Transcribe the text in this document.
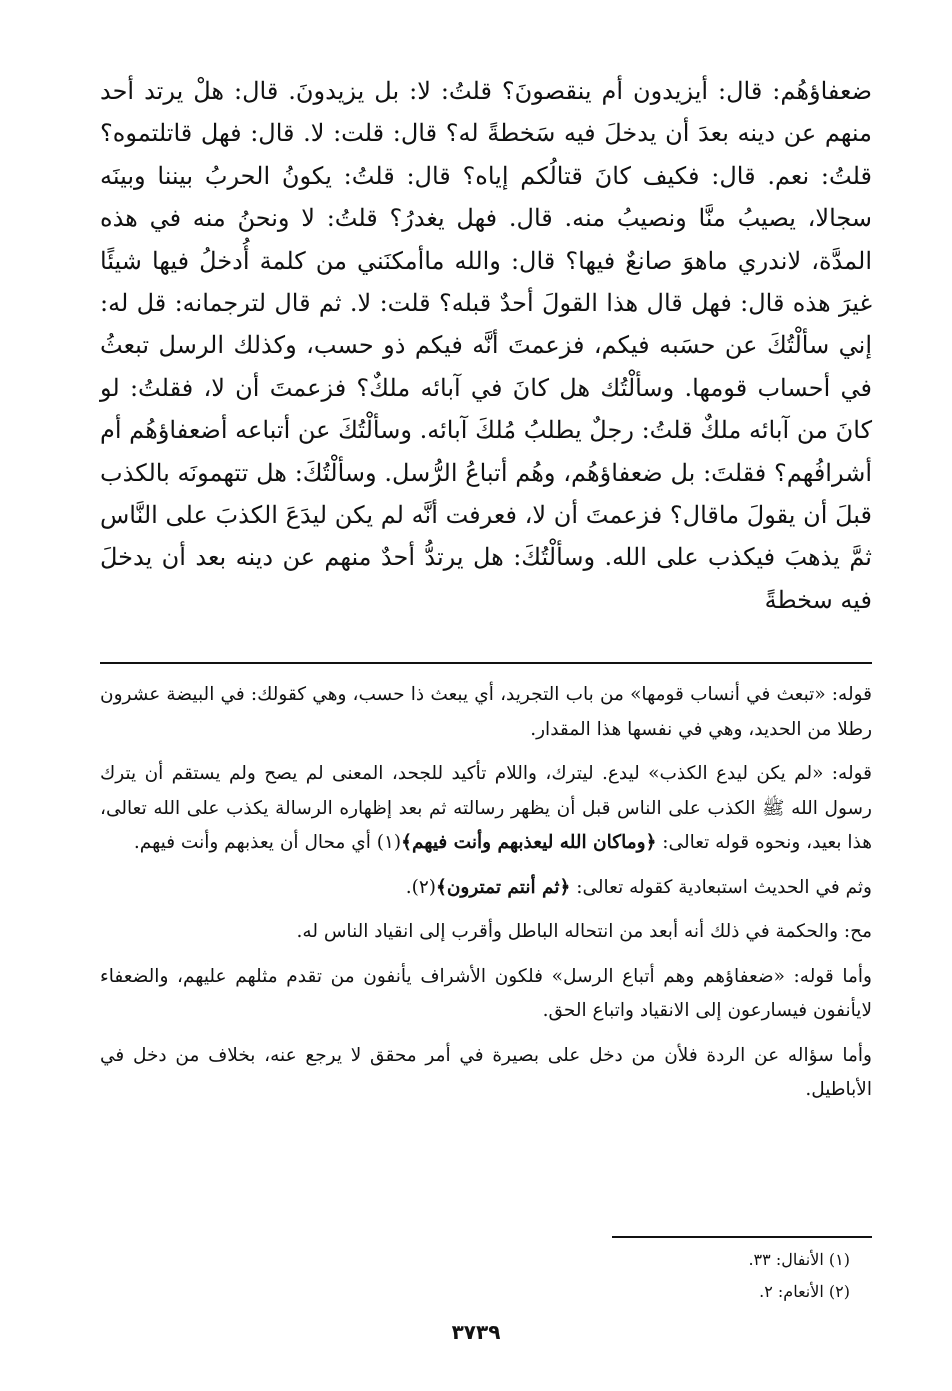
ضعفاؤهُم: قال: أيزيدون أم ينقصونَ؟ قلتُ: لا: بل يزيدونَ. قال: هلْ يرتد أحد منهم عن دينه بعدَ أن يدخلَ فيه سَخطةً له؟ قال: قلت: لا. قال: فهل قاتلتموه؟ قلتُ: نعم. قال: فكيف كانَ قتالُكم إياه؟ قال: قلتُ: يكونُ الحربُ بيننا وبينَه سجالا، يصيبُ منَّا ونصيبُ منه. قال. فهل يغدرُ؟ قلتُ: لا ونحنُ منه في هذه المدَّة، لاندري ماهوَ صانعٌ فيها؟ قال: والله ماأمكنَني من كلمة أُدخلُ فيها شيئًا غيرَ هذه قال: فهل قال هذا القولَ أحدٌ قبله؟ قلت: لا. ثم قال لترجمانه: قل له: إني سألْتُكَ عن حسَبه فيكم، فزعمتَ أنَّه فيكم ذو حسب، وكذلك الرسل تبعثُ في أحساب قومها. وسألْتُك هل كانَ في آبائه ملكٌ؟ فزعمتَ أن لا، فقلتُ: لو كانَ من آبائه ملكٌ قلتُ: رجلٌ يطلبُ مُلكَ آبائه. وسألْتُكَ عن أتباعه أضعفاؤهُم أم أشرافُهم؟ فقلتَ: بل ضعفاؤهُم، وهُم أتباعُ الرُّسل. وسألْتُكَ: هل تتهمونَه بالكذب قبلَ أن يقولَ ماقال؟ فزعمتَ أن لا، فعرفت أنَّه لم يكن ليدَعَ الكذبَ على النَّاس ثمَّ يذهبَ فيكذب على الله. وسألْتُكَ: هل يرتدُّ أحدٌ منهم عن دينه بعد أن يدخلَ فيه سخطةً

قوله: «تبعث في أنساب قومها» من باب التجريد، أي يبعث ذا حسب، وهي كقولك: في البيضة عشرون رطلا من الحديد، وهي في نفسها هذا المقدار.

قوله: «لم يكن ليدع الكذب» ليدع. ليترك، واللام تأكيد للجحد، المعنى لم يصح ولم يستقم أن يترك رسول الله ﷺ الكذب على الناس قبل أن يظهر رسالته ثم بعد إظهاره الرسالة يكذب على الله تعالى، هذا بعيد، ونحوه قوله تعالى: ﴿وماكان الله ليعذبهم وأنت فيهم﴾(١) أي محال أن يعذبهم وأنت فيهم.

وثم في الحديث استبعادية كقوله تعالى: ﴿ثم أنتم تمترون﴾(٢).

مح: والحكمة في ذلك أنه أبعد من انتحاله الباطل وأقرب إلى انقياد الناس له.

وأما قوله: «ضعفاؤهم وهم أتباع الرسل» فلكون الأشراف يأنفون من تقدم مثلهم عليهم، والضعفاء لايأنفون فيسارعون إلى الانقياد واتباع الحق.

وأما سؤاله عن الردة فلأن من دخل على بصيرة في أمر محقق لا يرجع عنه، بخلاف من دخل في الأباطيل.

(١) الأنفال: ٣٣.
(٢) الأنعام: ٢.
٣٧٣٩
